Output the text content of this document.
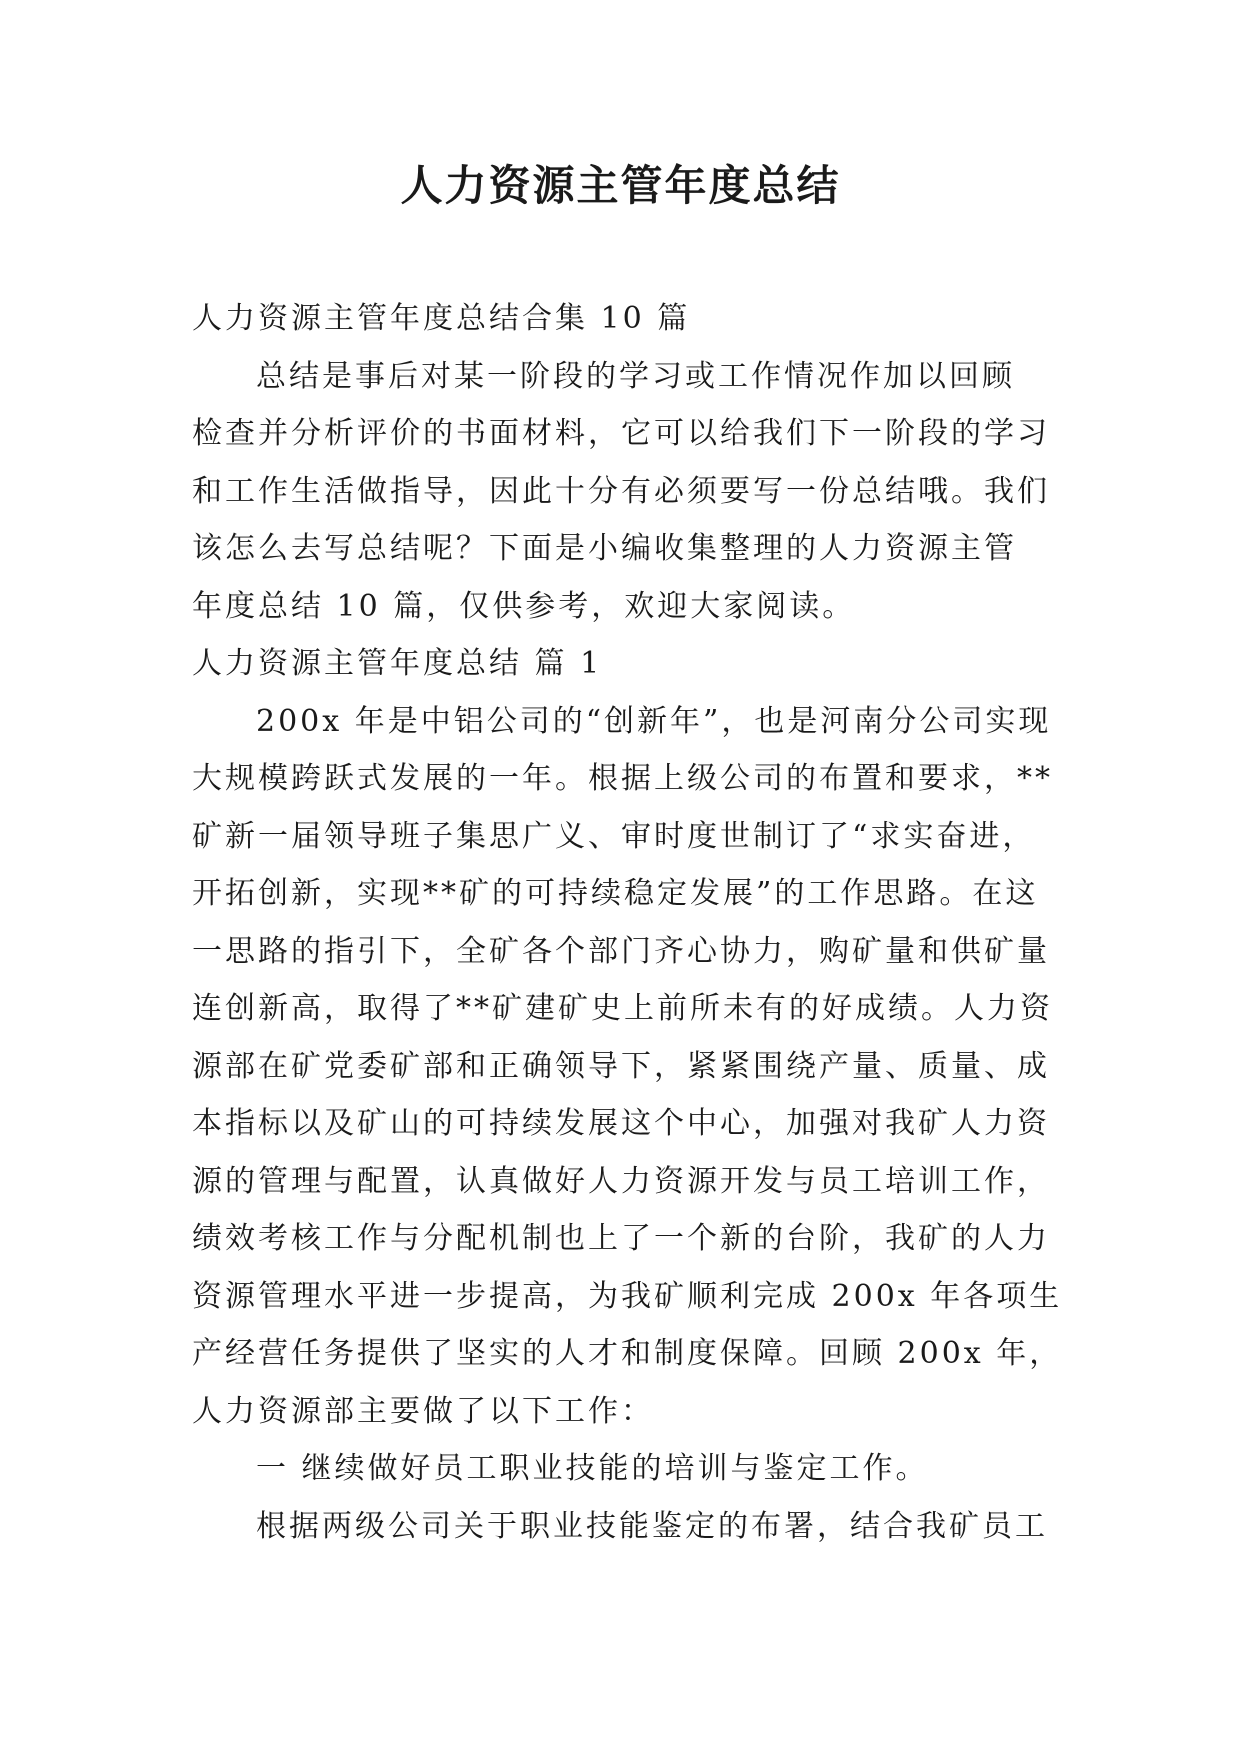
人力资源主管年度总结

人力资源主管年度总结合集 10 篇

总结是事后对某一阶段的学习或工作情况作加以回顾
检查并分析评价的书面材料，它可以给我们下一阶段的学习
和工作生活做指导，因此十分有必须要写一份总结哦。我们
该怎么去写总结呢？下面是小编收集整理的人力资源主管
年度总结 10 篇，仅供参考，欢迎大家阅读。

人力资源主管年度总结 篇 1

200x 年是中铝公司的“创新年”，也是河南分公司实现
大规模跨跃式发展的一年。根据上级公司的布置和要求，**
矿新一届领导班子集思广义、审时度世制订了“求实奋进，
开拓创新，实现**矿的可持续稳定发展”的工作思路。在这
一思路的指引下，全矿各个部门齐心协力，购矿量和供矿量
连创新高，取得了**矿建矿史上前所未有的好成绩。人力资
源部在矿党委矿部和正确领导下，紧紧围绕产量、质量、成
本指标以及矿山的可持续发展这个中心，加强对我矿人力资
源的管理与配置，认真做好人力资源开发与员工培训工作，
绩效考核工作与分配机制也上了一个新的台阶，我矿的人力
资源管理水平进一步提高，为我矿顺利完成 200x 年各项生
产经营任务提供了坚实的人才和制度保障。回顾 200x 年，
人力资源部主要做了以下工作：

一 继续做好员工职业技能的培训与鉴定工作。

根据两级公司关于职业技能鉴定的布署，结合我矿员工
